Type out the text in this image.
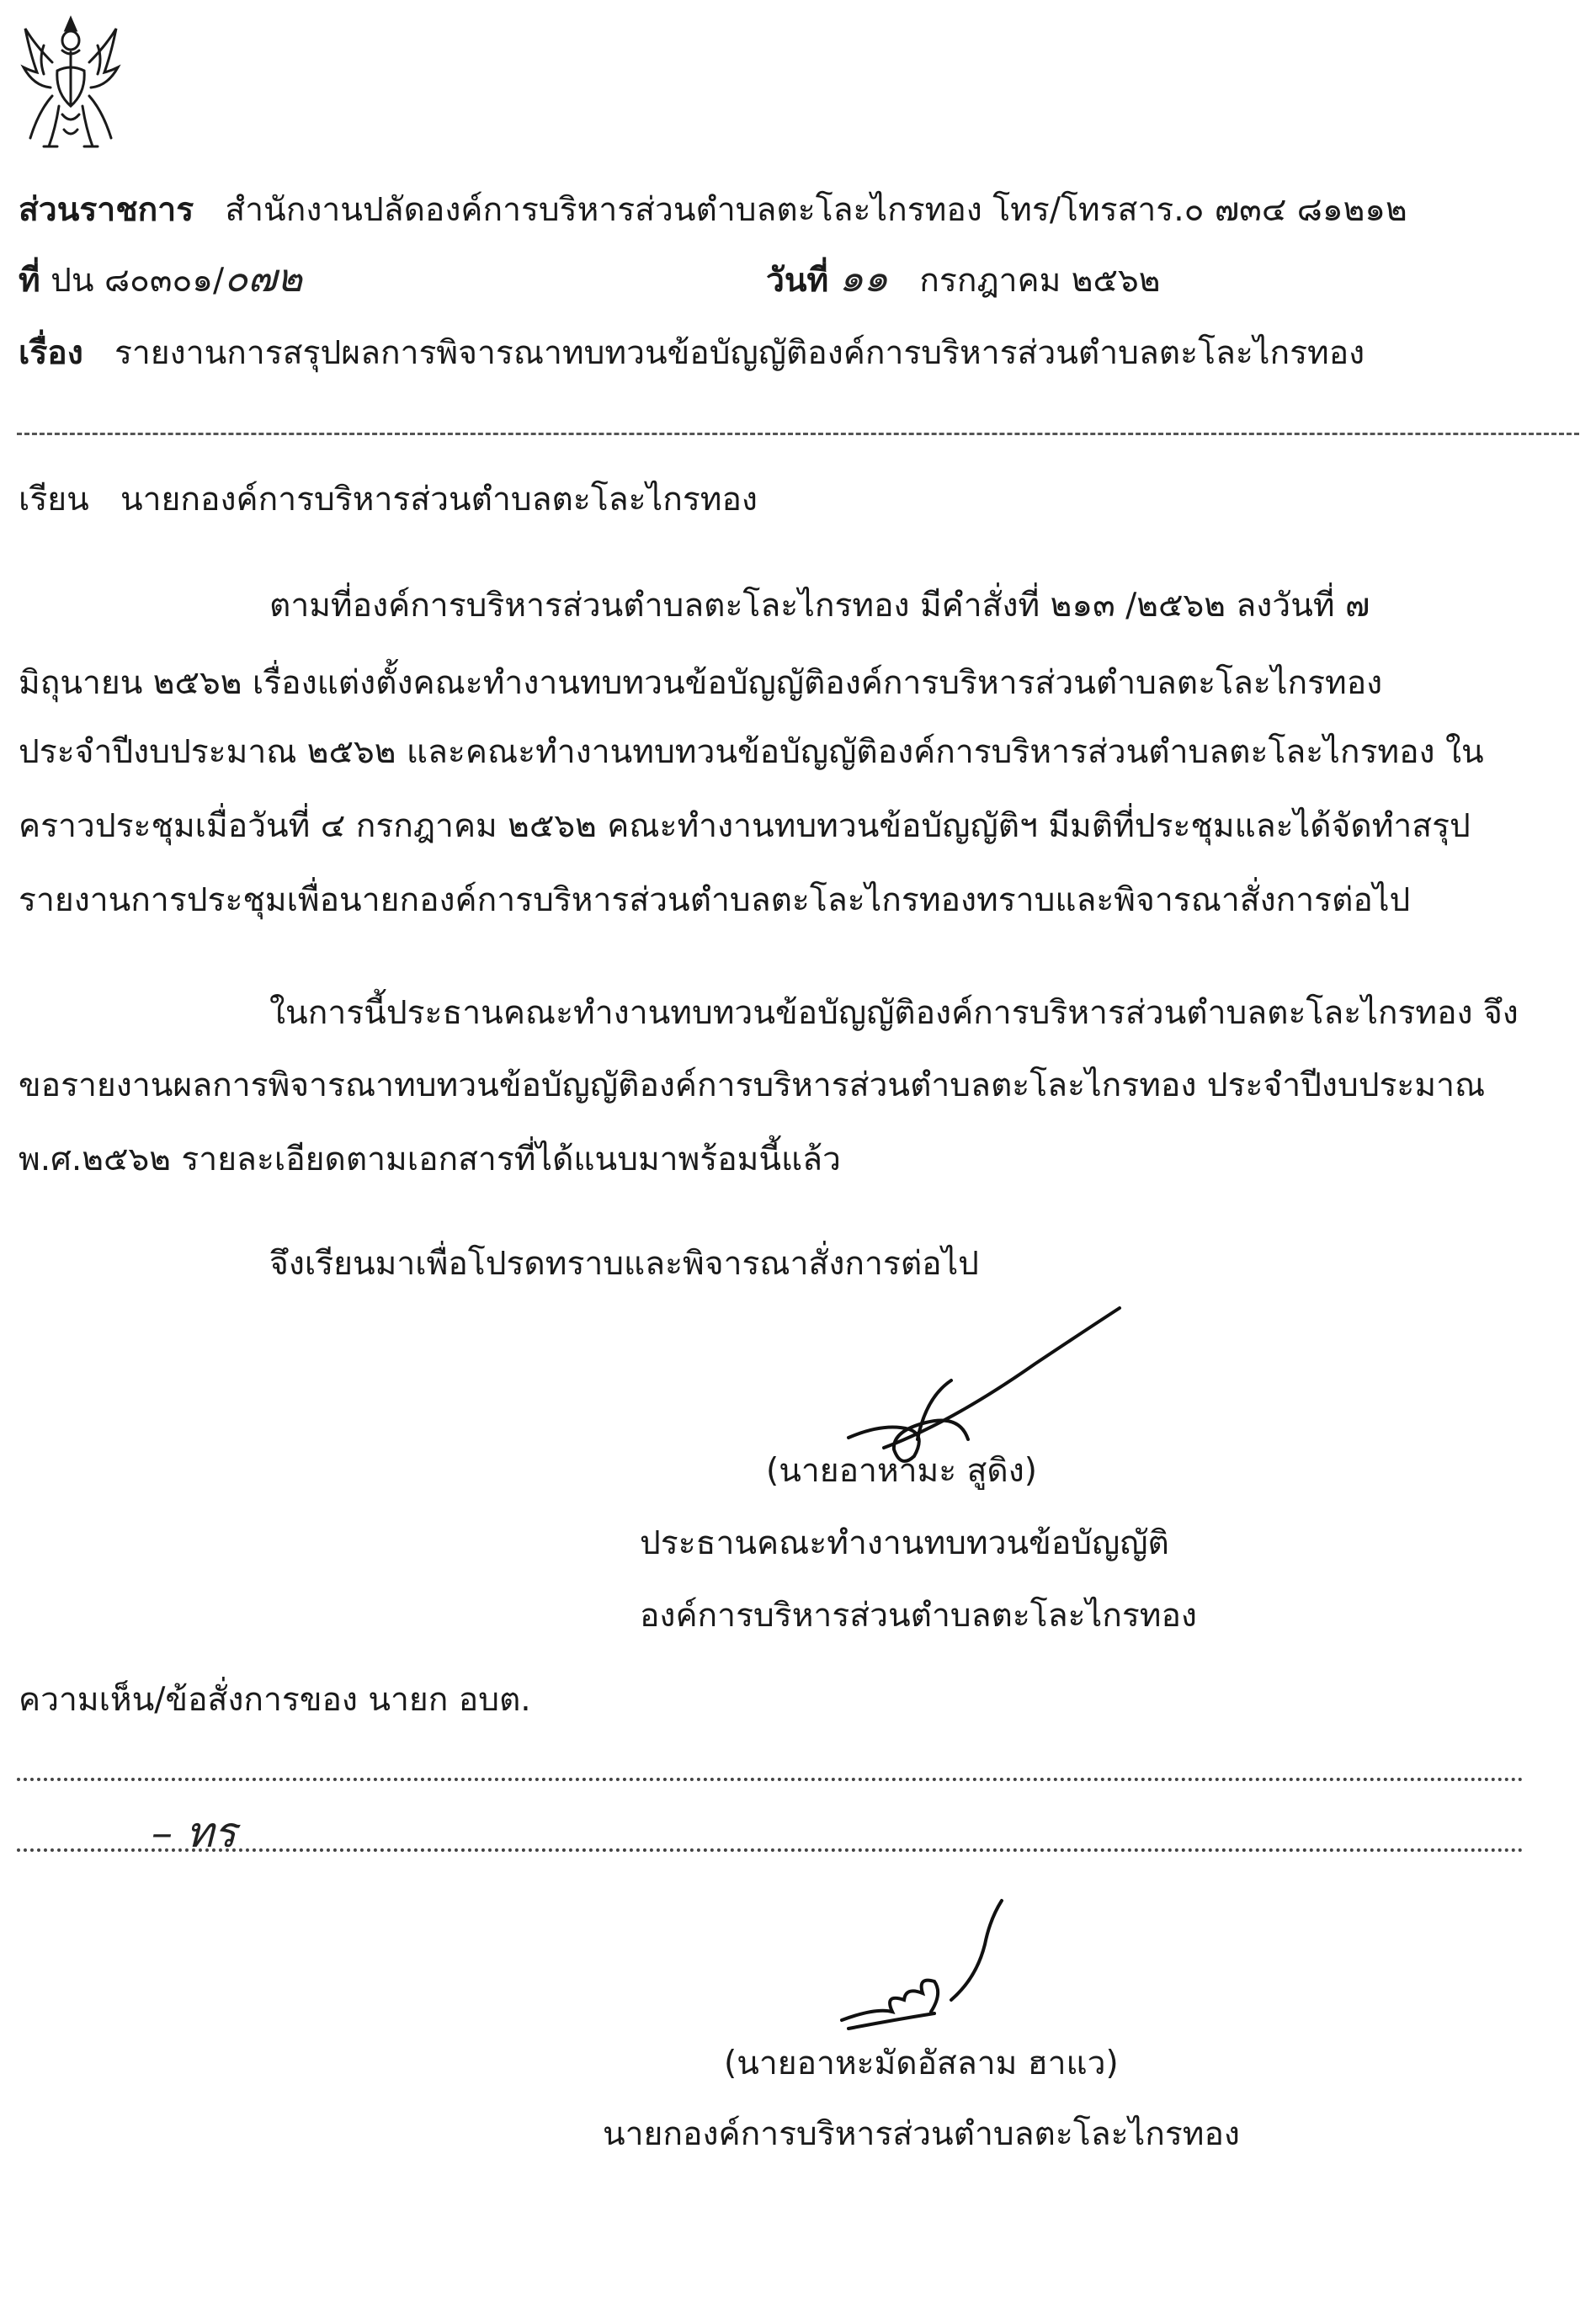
ส่วนราชการ สำนักงานปลัดองค์การบริหารส่วนตำบลตะโละไกรทอง โทร/โทรสาร.๐ ๗๓๔ ๘๑๒๑๒
ที่ ปน ๘๐๓๐๑/๐๗๒	วันที่ ๑๑ กรกฎาคม ๒๕๖๒
เรื่อง รายงานการสรุปผลการพิจารณาทบทวนข้อบัญญัติองค์การบริหารส่วนตำบลตะโละไกรทอง
เรียน นายกองค์การบริหารส่วนตำบลตะโละไกรทอง
ตามที่องค์การบริหารส่วนตำบลตะโละไกรทอง มีคำสั่งที่ ๒๑๓ /๒๕๖๒ ลงวันที่ ๗
มิถุนายน ๒๕๖๒ เรื่องแต่งตั้งคณะทำงานทบทวนข้อบัญญัติองค์การบริหารส่วนตำบลตะโละไกรทอง
ประจำปีงบประมาณ ๒๕๖๒ และคณะทำงานทบทวนข้อบัญญัติองค์การบริหารส่วนตำบลตะโละไกรทอง ใน
คราวประชุมเมื่อวันที่ ๔ กรกฎาคม ๒๕๖๒ คณะทำงานทบทวนข้อบัญญัติฯ มีมติที่ประชุมและได้จัดทำสรุป
รายงานการประชุมเพื่อนายกองค์การบริหารส่วนตำบลตะโละไกรทองทราบและพิจารณาสั่งการต่อไป
ในการนี้ประธานคณะทำงานทบทวนข้อบัญญัติองค์การบริหารส่วนตำบลตะโละไกรทอง จึง
ขอรายงานผลการพิจารณาทบทวนข้อบัญญัติองค์การบริหารส่วนตำบลตะโละไกรทอง ประจำปีงบประมาณ
พ.ศ.๒๕๖๒ รายละเอียดตามเอกสารที่ได้แนบมาพร้อมนี้แล้ว
จึงเรียนมาเพื่อโปรดทราบและพิจารณาสั่งการต่อไป
(นายอาหามะ สูดิง)
ประธานคณะทำงานทบทวนข้อบัญญัติ
องค์การบริหารส่วนตำบลตะโละไกรทอง
ความเห็น/ข้อสั่งการของ นายก อบต.
– ทร
(นายอาหะมัดอัสลาม ฮาแว)
นายกองค์การบริหารส่วนตำบลตะโละไกรทอง
